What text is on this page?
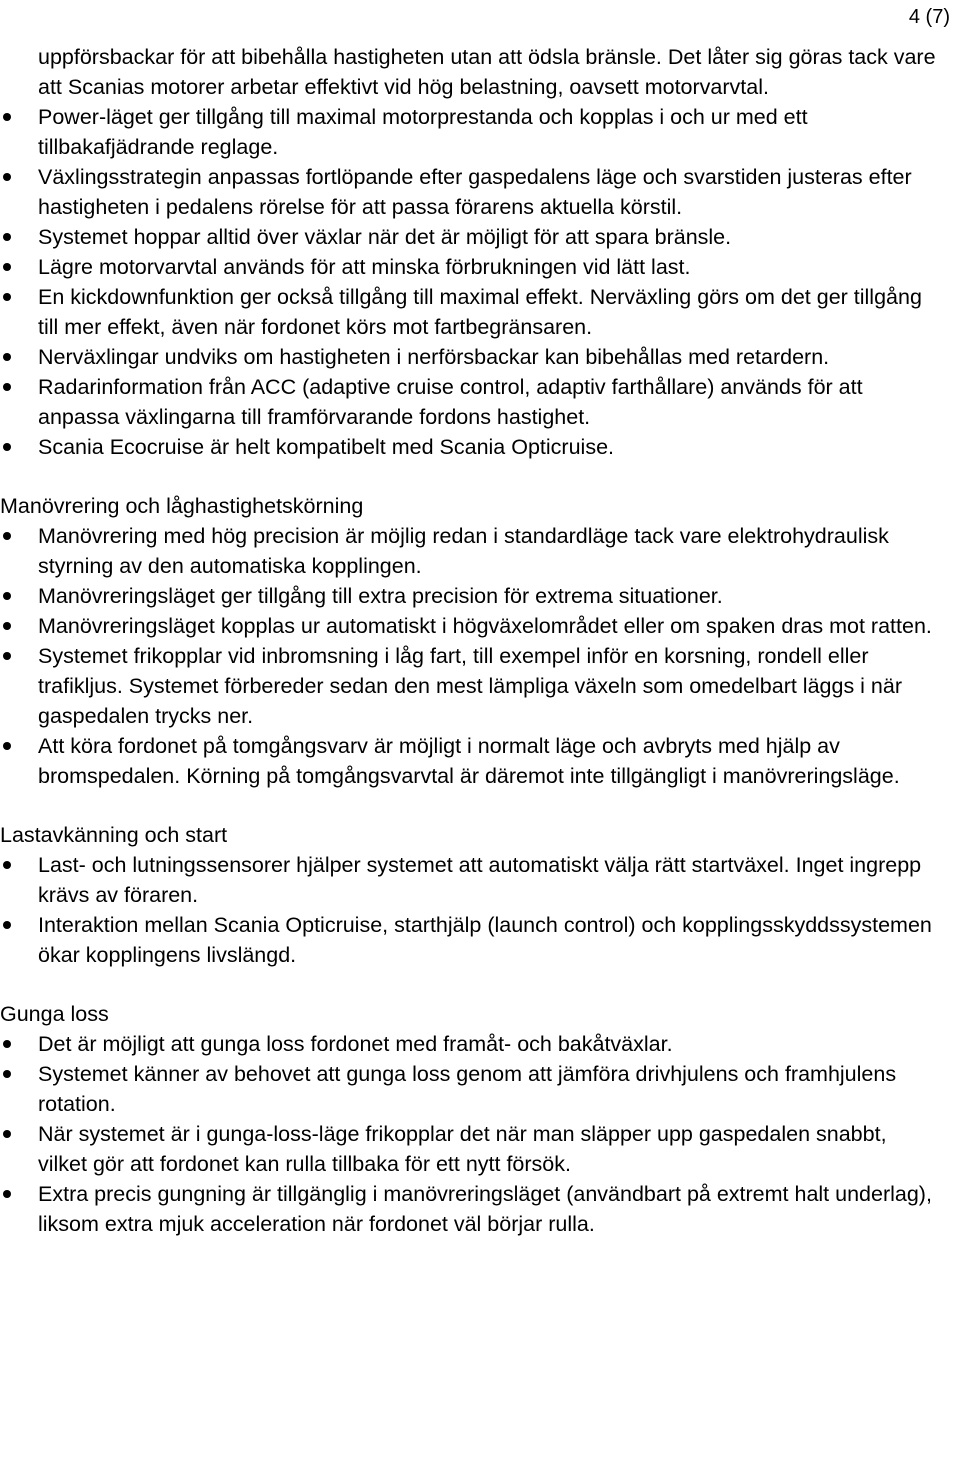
4 (7)

uppförsbackar för att bibehålla hastigheten utan att ödsla bränsle. Det låter sig göras tack vare att Scanias motorer arbetar effektivt vid hög belastning, oavsett motorvarvtal.

Power-läget ger tillgång till maximal motorprestanda och kopplas i och ur med ett tillbakafjädrande reglage.
Växlingsstrategin anpassas fortlöpande efter gaspedalens läge och svarstiden justeras efter hastigheten i pedalens rörelse för att passa förarens aktuella körstil.
Systemet hoppar alltid över växlar när det är möjligt för att spara bränsle.
Lägre motorvarvtal används för att minska förbrukningen vid lätt last.
En kickdownfunktion ger också tillgång till maximal effekt. Nerväxling görs om det ger tillgång till mer effekt, även när fordonet körs mot fartbegränsaren.
Nerväxlingar undviks om hastigheten i nerförsbackar kan bibehållas med retardern.
Radarinformation från ACC (adaptive cruise control, adaptiv farthållare) används för att anpassa växlingarna till framförvarande fordons hastighet.
Scania Ecocruise är helt kompatibelt med Scania Opticruise.
Manövrering och låghastighetskörning
Manövrering med hög precision är möjlig redan i standardläge tack vare elektrohydraulisk styrning av den automatiska kopplingen.
Manövreringsläget ger tillgång till extra precision för extrema situationer.
Manövreringsläget kopplas ur automatiskt i högväxelområdet eller om spaken dras mot ratten.
Systemet frikopplar vid inbromsning i låg fart, till exempel inför en korsning, rondell eller trafikljus. Systemet förbereder sedan den mest lämpliga växeln som omedelbart läggs i när gaspedalen trycks ner.
Att köra fordonet på tomgångsvarv är möjligt i normalt läge och avbryts med hjälp av bromspedalen. Körning på tomgångsvarvtal är däremot inte tillgängligt i manövreringsläge.
Lastavkänning och start
Last- och lutningssensorer hjälper systemet att automatiskt välja rätt startväxel. Inget ingrepp krävs av föraren.
Interaktion mellan Scania Opticruise, starthjälp (launch control) och kopplingsskyddssystemen ökar kopplingens livslängd.
Gunga loss
Det är möjligt att gunga loss fordonet med framåt- och bakåtväxlar.
Systemet känner av behovet att gunga loss genom att jämföra drivhjulens och framhjulens rotation.
När systemet är i gunga-loss-läge frikopplar det när man släpper upp gaspedalen snabbt, vilket gör att fordonet kan rulla tillbaka för ett nytt försök.
Extra precis gungning är tillgänglig i manövreringsläget (användbart på extremt halt underlag), liksom extra mjuk acceleration när fordonet väl börjar rulla.
